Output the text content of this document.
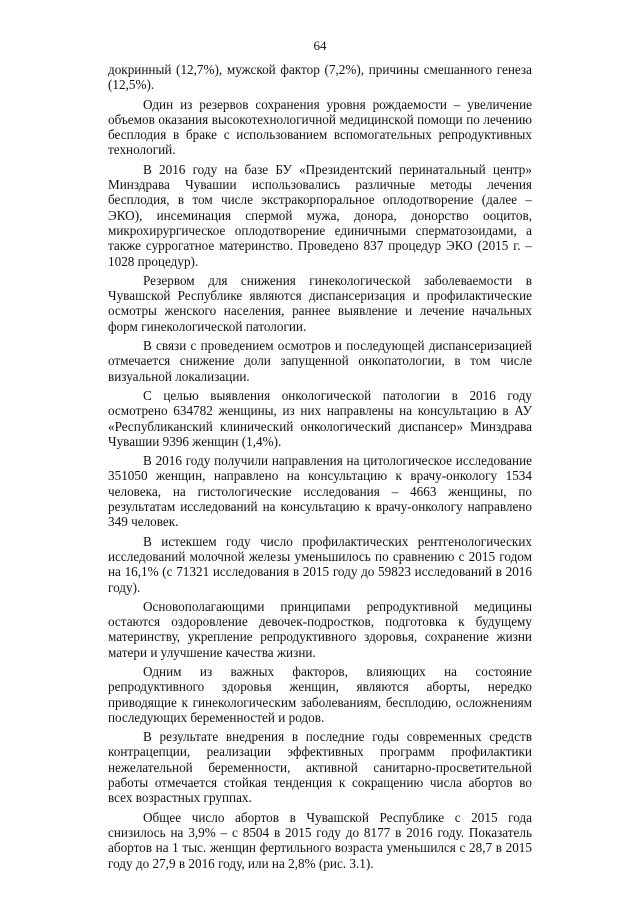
64

докринный (12,7%), мужской фактор (7,2%), причины смешанного генеза (12,5%).

Один из резервов сохранения уровня рождаемости – увеличение объемов оказания высокотехнологичной медицинской помощи по лечению бесплодия в браке с использованием вспомогательных репродуктивных технологий.

В 2016 году на базе БУ «Президентский перинатальный центр» Минздрава Чувашии использовались различные методы лечения бесплодия, в том числе экстракорпоральное оплодотворение (далее – ЭКО), инсеминация спермой мужа, донора, донорство ооцитов, микрохирургическое оплодотворение единичными сперматозоидами, а также суррогатное материнство. Проведено 837 процедур ЭКО (2015 г. – 1028 процедур).

Резервом для снижения гинекологической заболеваемости в Чувашской Республике являются диспансеризация и профилактические осмотры женского населения, раннее выявление и лечение начальных форм гинекологической патологии.

В связи с проведением осмотров и последующей диспансеризацией отмечается снижение доли запущенной онкопатологии, в том числе визуальной локализации.

С целью выявления онкологической патологии в 2016 году осмотрено 634782 женщины, из них направлены на консультацию в АУ «Республиканский клинический онкологический диспансер» Минздрава Чувашии 9396 женщин (1,4%).

В 2016 году получили направления на цитологическое исследование 351050 женщин, направлено на консультацию к врачу-онкологу 1534 человека, на гистологические исследования – 4663 женщины, по результатам исследований на консультацию к врачу-онкологу направлено 349 человек.

В истекшем году число профилактических рентгенологических исследований молочной железы уменьшилось по сравнению с 2015 годом на 16,1% (с 71321 исследования в 2015 году до 59823 исследований в 2016 году).

Основополагающими принципами репродуктивной медицины остаются оздоровление девочек-подростков, подготовка к будущему материнству, укрепление репродуктивного здоровья, сохранение жизни матери и улучшение качества жизни.

Одним из важных факторов, влияющих на состояние репродуктивного здоровья женщин, являются аборты, нередко приводящие к гинекологическим заболеваниям, бесплодию, осложнениям последующих беременностей и родов.

В результате внедрения в последние годы современных средств контрацепции, реализации эффективных программ профилактики нежелательной беременности, активной санитарно-просветительной работы отмечается стойкая тенденция к сокращению числа абортов во всех возрастных группах.

Общее число абортов в Чувашской Республике с 2015 года снизилось на 3,9% – с 8504 в 2015 году до 8177 в 2016 году. Показатель абортов на 1 тыс. женщин фертильного возраста уменьшился с 28,7 в 2015 году до 27,9 в 2016 году, или на 2,8% (рис. 3.1).
